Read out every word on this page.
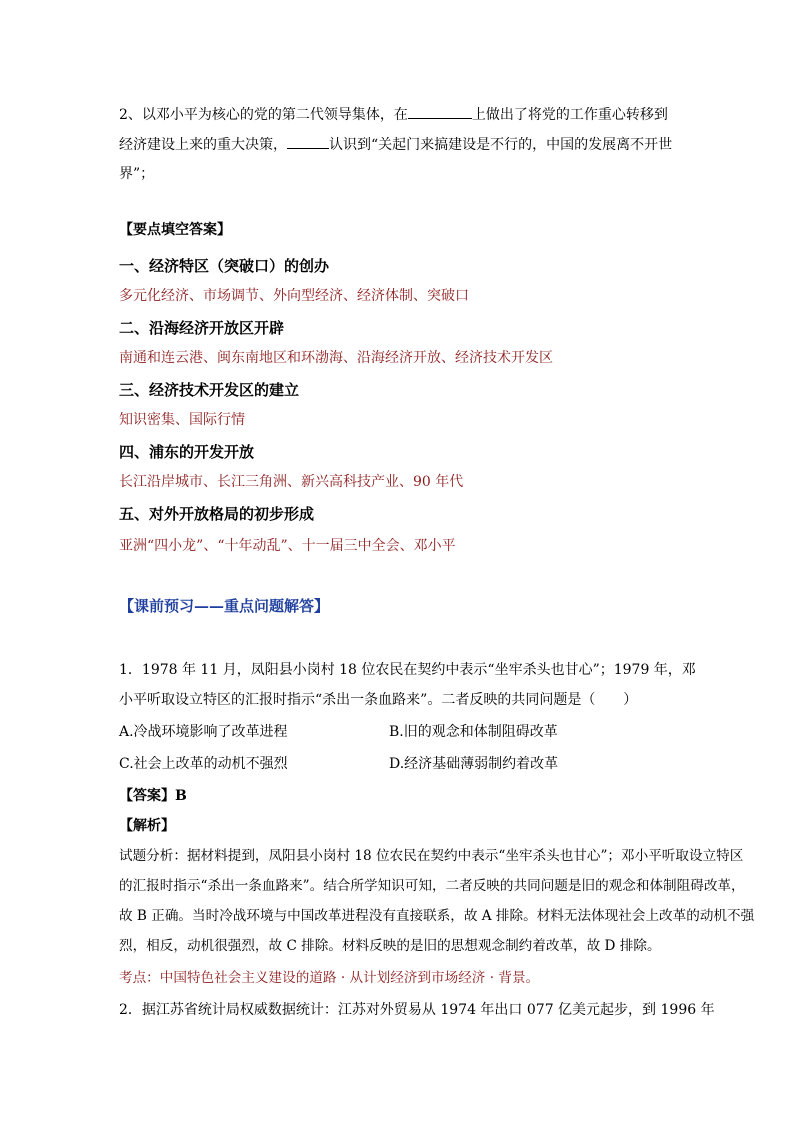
2、以邓小平为核心的党的第二代领导集体，在	上做出了将党的工作重心转移到
经济建设上来的重大决策，	认识到“关起门来搞建设是不行的，中国的发展离不开世
界”；
【要点填空答案】
一、经济特区（突破口）的创办
多元化经济、市场调节、外向型经济、经济体制、突破口
二、沿海经济开放区开辟
南通和连云港、闽东南地区和环渤海、沿海经济开放、经济技术开发区
三、经济技术开发区的建立
知识密集、国际行情
四、浦东的开发开放
长江沿岸城市、长江三角洲、新兴高科技产业、90 年代
五、对外开放格局的初步形成
亚洲“四小龙”、“十年动乱”、十一届三中全会、邓小平
【课前预习——重点问题解答】
1．1978 年 11 月，凤阳县小岗村 18 位农民在契约中表示“坐牢杀头也甘心”；1979 年，邓
小平听取设立特区的汇报时指示“杀出一条血路来”。二者反映的共同问题是（　　）
A.冷战环境影响了改革进程	B.旧的观念和体制阻碍改革
C.社会上改革的动机不强烈	D.经济基础薄弱制约着改革
【答案】B
【解析】
试题分析：据材料提到，凤阳县小岗村 18 位农民在契约中表示“坐牢杀头也甘心”；邓小平听取设立特区
的汇报时指示“杀出一条血路来”。结合所学知识可知，二者反映的共同问题是旧的观念和体制阻碍改革，
故 B 正确。当时冷战环境与中国改革进程没有直接联系，故 A 排除。材料无法体现社会上改革的动机不强
烈，相反，动机很强烈，故 C 排除。材料反映的是旧的思想观念制约着改革，故 D 排除。
考点：中国特色社会主义建设的道路 · 从计划经济到市场经济 · 背景。
2．据江苏省统计局权威数据统计：江苏对外贸易从 1974 年出口 077 亿美元起步，到 1996 年
